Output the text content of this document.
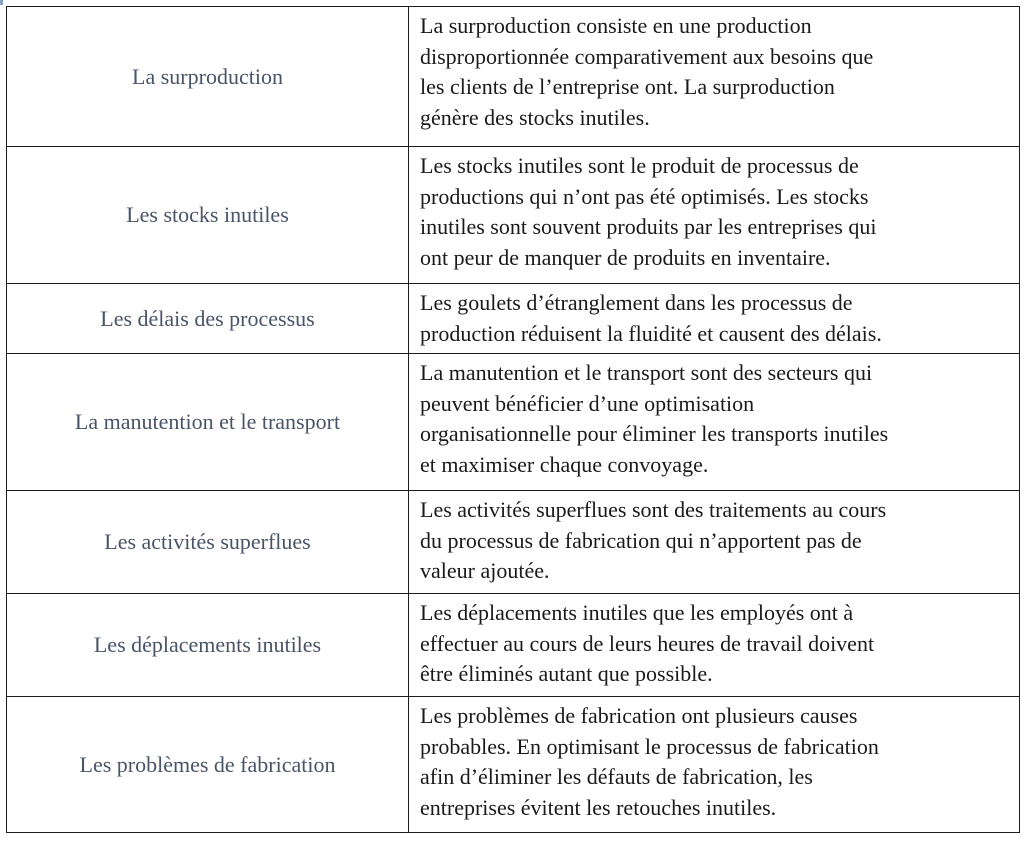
La surproduction	La surproduction consiste en une production
disproportionnée comparativement aux besoins que
les clients de l’entreprise ont. La surproduction
génère des stocks inutiles.

Les stocks inutiles	Les stocks inutiles sont le produit de processus de
productions qui n’ont pas été optimisés. Les stocks
inutiles sont souvent produits par les entreprises qui
ont peur de manquer de produits en inventaire.

Les délais des processus	Les goulets d’étranglement dans les processus de
production réduisent la fluidité et causent des délais.

La manutention et le transport	La manutention et le transport sont des secteurs qui
peuvent bénéficier d’une optimisation
organisationnelle pour éliminer les transports inutiles
et maximiser chaque convoyage.

Les activités superflues	Les activités superflues sont des traitements au cours
du processus de fabrication qui n’apportent pas de
valeur ajoutée.

Les déplacements inutiles	Les déplacements inutiles que les employés ont à
effectuer au cours de leurs heures de travail doivent
être éliminés autant que possible.

Les problèmes de fabrication	Les problèmes de fabrication ont plusieurs causes
probables. En optimisant le processus de fabrication
afin d’éliminer les défauts de fabrication, les
entreprises évitent les retouches inutiles.
